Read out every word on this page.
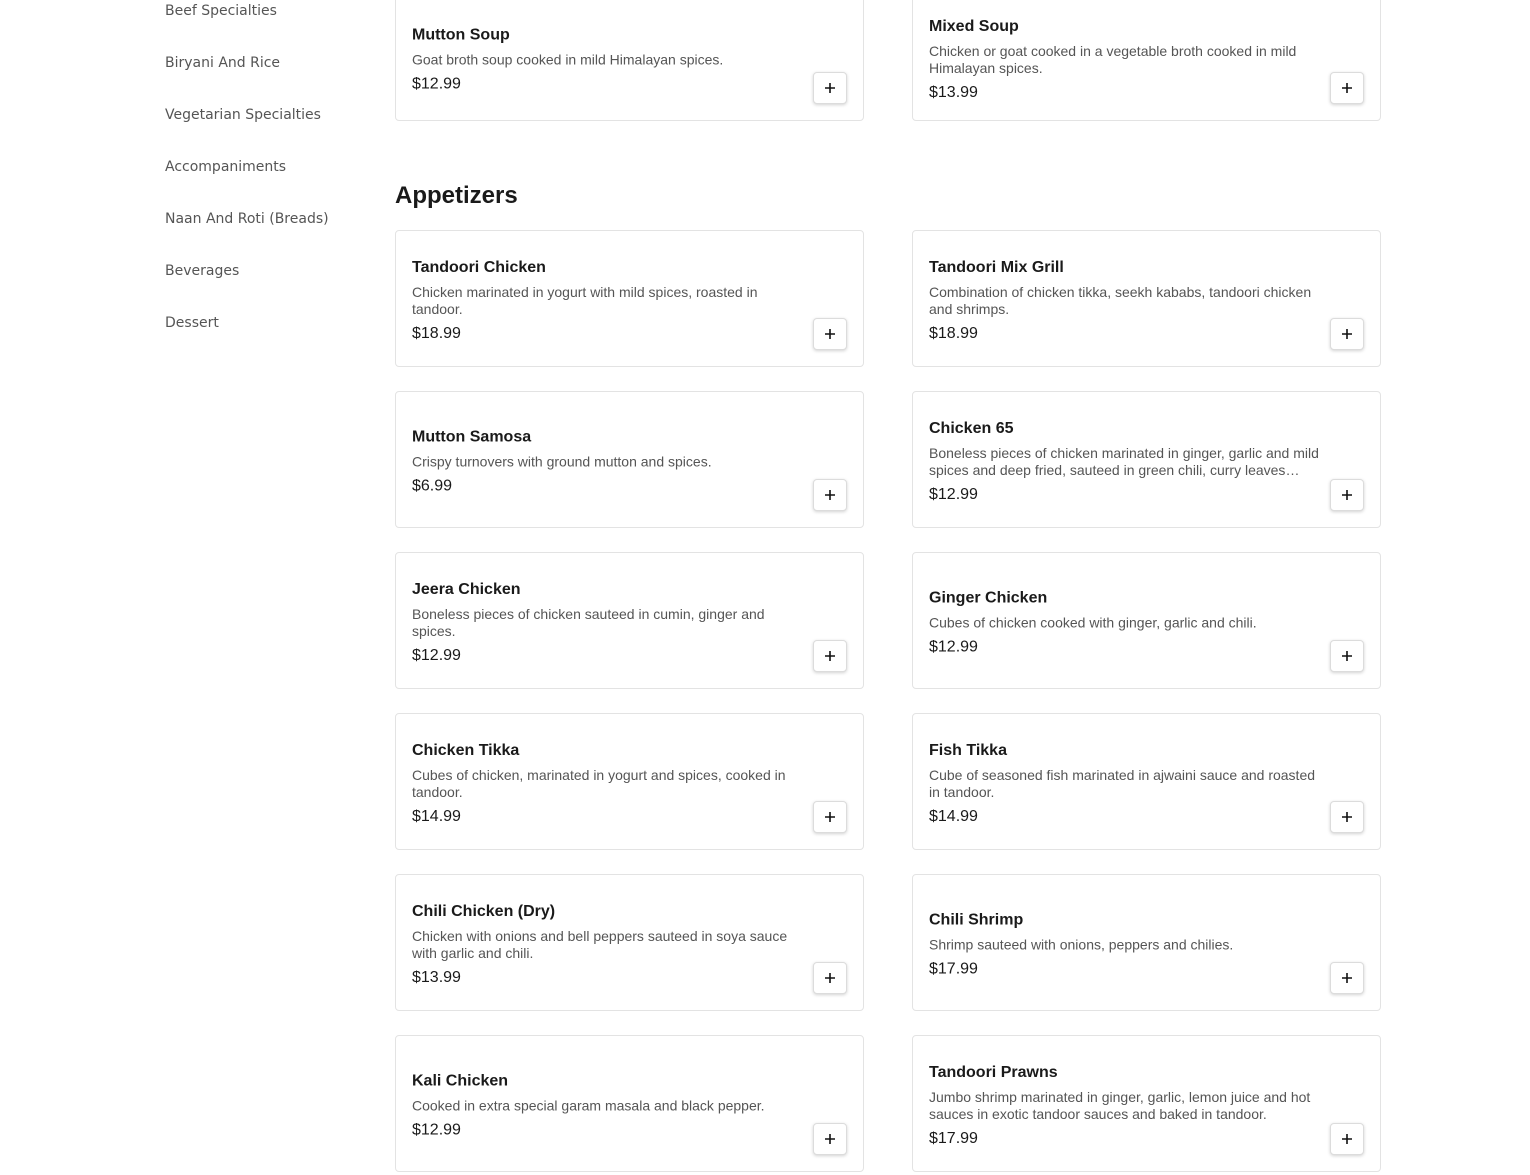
Beef Specialties
Biryani And Rice
Vegetarian Specialties
Accompaniments
Naan And Roti (Breads)
Beverages
Dessert
Mutton Soup
Goat broth soup cooked in mild Himalayan spices.
$12.99
Mixed Soup
Chicken or goat cooked in a vegetable broth cooked in mild Himalayan spices.
$13.99
Appetizers
Tandoori Chicken
Chicken marinated in yogurt with mild spices, roasted in tandoor.
$18.99
Tandoori Mix Grill
Combination of chicken tikka, seekh kababs, tandoori chicken and shrimps.
$18.99
Mutton Samosa
Crispy turnovers with ground mutton and spices.
$6.99
Chicken 65
Boneless pieces of chicken marinated in ginger, garlic and mild spices and deep fried, sauteed in green chili, curry leaves
$12.99
Jeera Chicken
Boneless pieces of chicken sauteed in cumin, ginger and spices.
$12.99
Ginger Chicken
Cubes of chicken cooked with ginger, garlic and chili.
$12.99
Chicken Tikka
Cubes of chicken, marinated in yogurt and spices, cooked in tandoor.
$14.99
Fish Tikka
Cube of seasoned fish marinated in ajwaini sauce and roasted in tandoor.
$14.99
Chili Chicken (Dry)
Chicken with onions and bell peppers sauteed in soya sauce with garlic and chili.
$13.99
Chili Shrimp
Shrimp sauteed with onions, peppers and chilies.
$17.99
Kali Chicken
Cooked in extra special garam masala and black pepper.
$12.99
Tandoori Prawns
Jumbo shrimp marinated in ginger, garlic, lemon juice and hot sauces in exotic tandoor sauces and baked in tandoor.
$17.99
